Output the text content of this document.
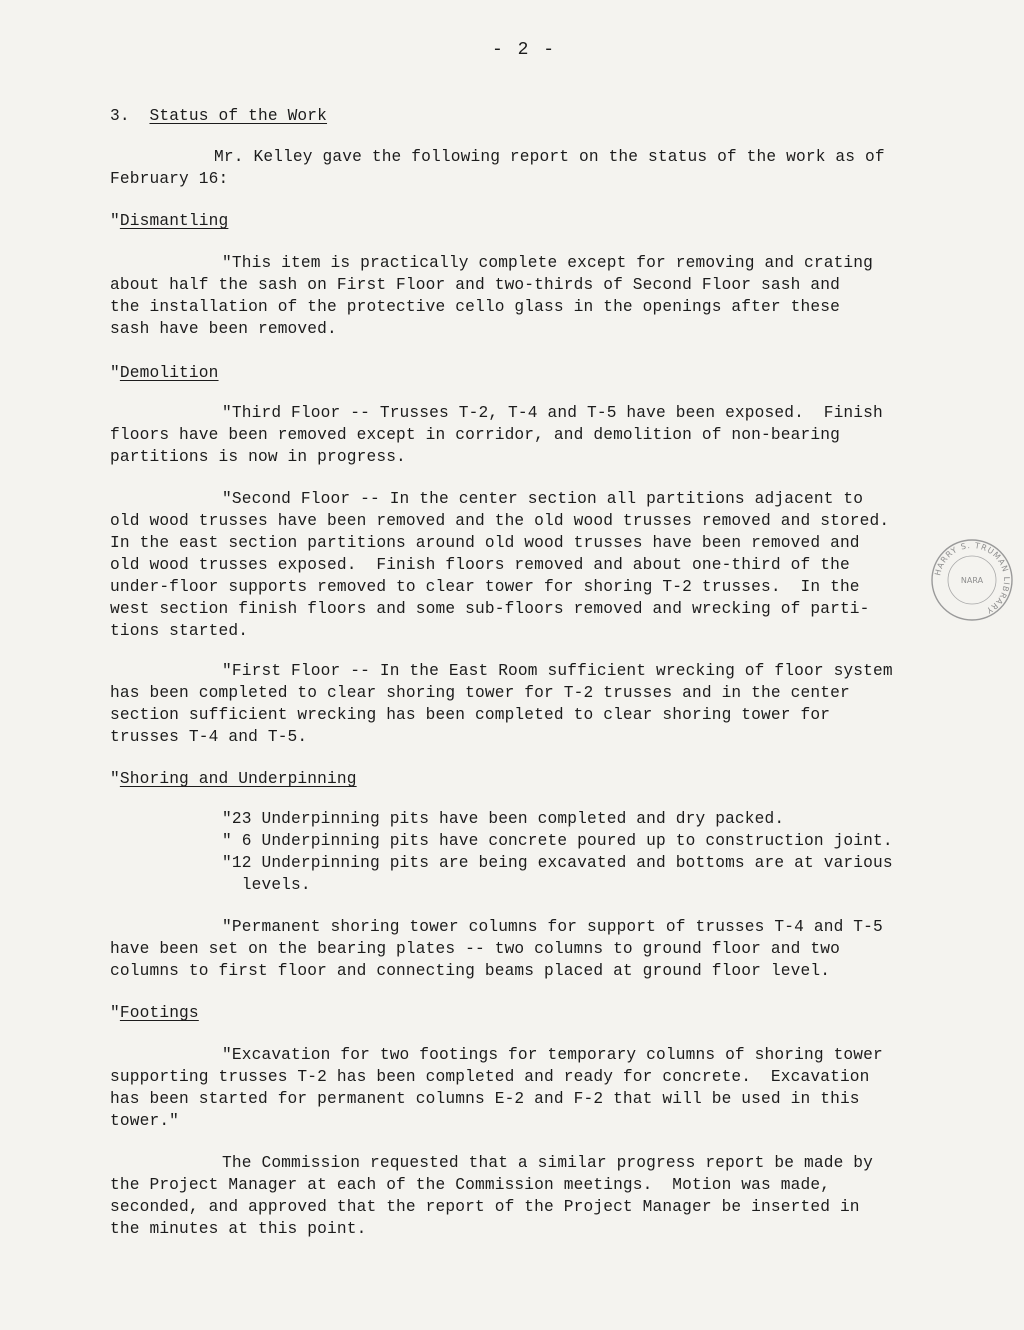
- 2 -
3. Status of the Work
Mr. Kelley gave the following report on the status of the work as of
February 16:
"Dismantling
"This item is practically complete except for removing and crating
about half the sash on First Floor and two-thirds of Second Floor sash and
the installation of the protective cello glass in the openings after these
sash have been removed.
"Demolition
"Third Floor -- Trusses T-2, T-4 and T-5 have been exposed.  Finish
floors have been removed except in corridor, and demolition of non-bearing
partitions is now in progress.
"Second Floor -- In the center section all partitions adjacent to
old wood trusses have been removed and the old wood trusses removed and stored.
In the east section partitions around old wood trusses have been removed and
old wood trusses exposed.  Finish floors removed and about one-third of the
under-floor supports removed to clear tower for shoring T-2 trusses.  In the
west section finish floors and some sub-floors removed and wrecking of parti-
tions started.
"First Floor -- In the East Room sufficient wrecking of floor system
has been completed to clear shoring tower for T-2 trusses and in the center
section sufficient wrecking has been completed to clear shoring tower for
trusses T-4 and T-5.
"Shoring and Underpinning
"23 Underpinning pits have been completed and dry packed.
" 6 Underpinning pits have concrete poured up to construction joint.
"12 Underpinning pits are being excavated and bottoms are at various
levels.
"Permanent shoring tower columns for support of trusses T-4 and T-5
have been set on the bearing plates -- two columns to ground floor and two
columns to first floor and connecting beams placed at ground floor level.
"Footings
"Excavation for two footings for temporary columns of shoring tower
supporting trusses T-2 has been completed and ready for concrete.  Excavation
has been started for permanent columns E-2 and F-2 that will be used in this
tower."
The Commission requested that a similar progress report be made by
the Project Manager at each of the Commission meetings.  Motion was made,
seconded, and approved that the report of the Project Manager be inserted in
the minutes at this point.
HARRY S. TRUMAN LIBRARY
NARA
